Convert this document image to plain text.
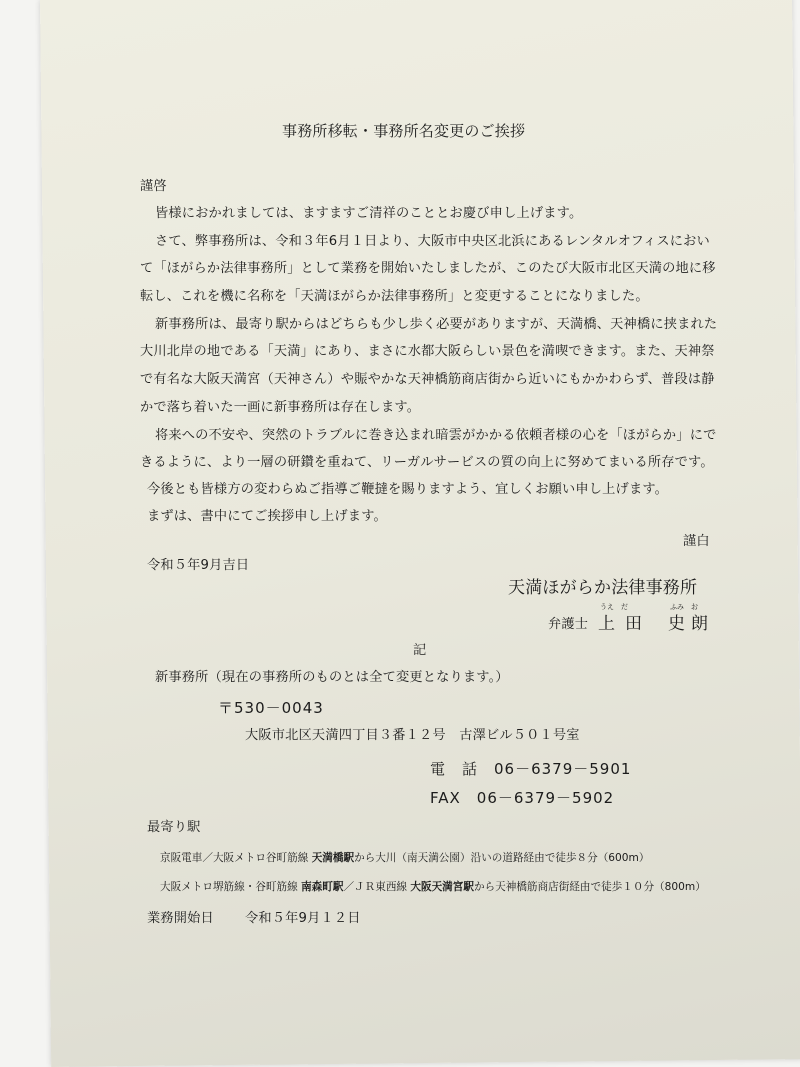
事務所移転・事務所名変更のご挨拶
謹啓
皆様におかれましては、ますますご清祥のこととお慶び申し上げます。
さて、弊事務所は、令和３年6月１日より、大阪市中央区北浜にあるレンタルオフィスにおい
て「ほがらか法律事務所」として業務を開始いたしましたが、このたび大阪市北区天満の地に移
転し、これを機に名称を「天満ほがらか法律事務所」と変更することになりました。
新事務所は、最寄り駅からはどちらも少し歩く必要がありますが、天満橋、天神橋に挟まれた
大川北岸の地である「天満」にあり、まさに水都大阪らしい景色を満喫できます。また、天神祭
で有名な大阪天満宮（天神さん）や賑やかな天神橋筋商店街から近いにもかかわらず、普段は静
かで落ち着いた一画に新事務所は存在します。
将来への不安や、突然のトラブルに巻き込まれ暗雲がかかる依頼者様の心を「ほがらか」にで
きるように、より一層の研鑽を重ねて、リーガルサービスの質の向上に努めてまいる所存です。
今後とも皆様方の変わらぬご指導ご鞭撻を賜りますよう、宜しくお願い申し上げます。
まずは、書中にてご挨拶申し上げます。
謹白
令和５年9月吉日
天満ほがらか法律事務所
弁護士
うえ　だ
上田
ふみ　お
史朗
記
新事務所（現在の事務所のものとは全て変更となります。）
〒530－0043
大阪市北区天満四丁目３番１２号　古澤ビル５０１号室
電　話　06－6379－5901
FAX　06－6379－5902
最寄り駅
京阪電車／大阪メトロ谷町筋線 天満橋駅から大川（南天満公園）沿いの道路経由で徒歩８分（600m）
大阪メトロ堺筋線・谷町筋線 南森町駅／ＪＲ東西線 大阪天満宮駅から天神橋筋商店街経由で徒歩１０分（800m）
業務開始日 令和５年9月１２日
